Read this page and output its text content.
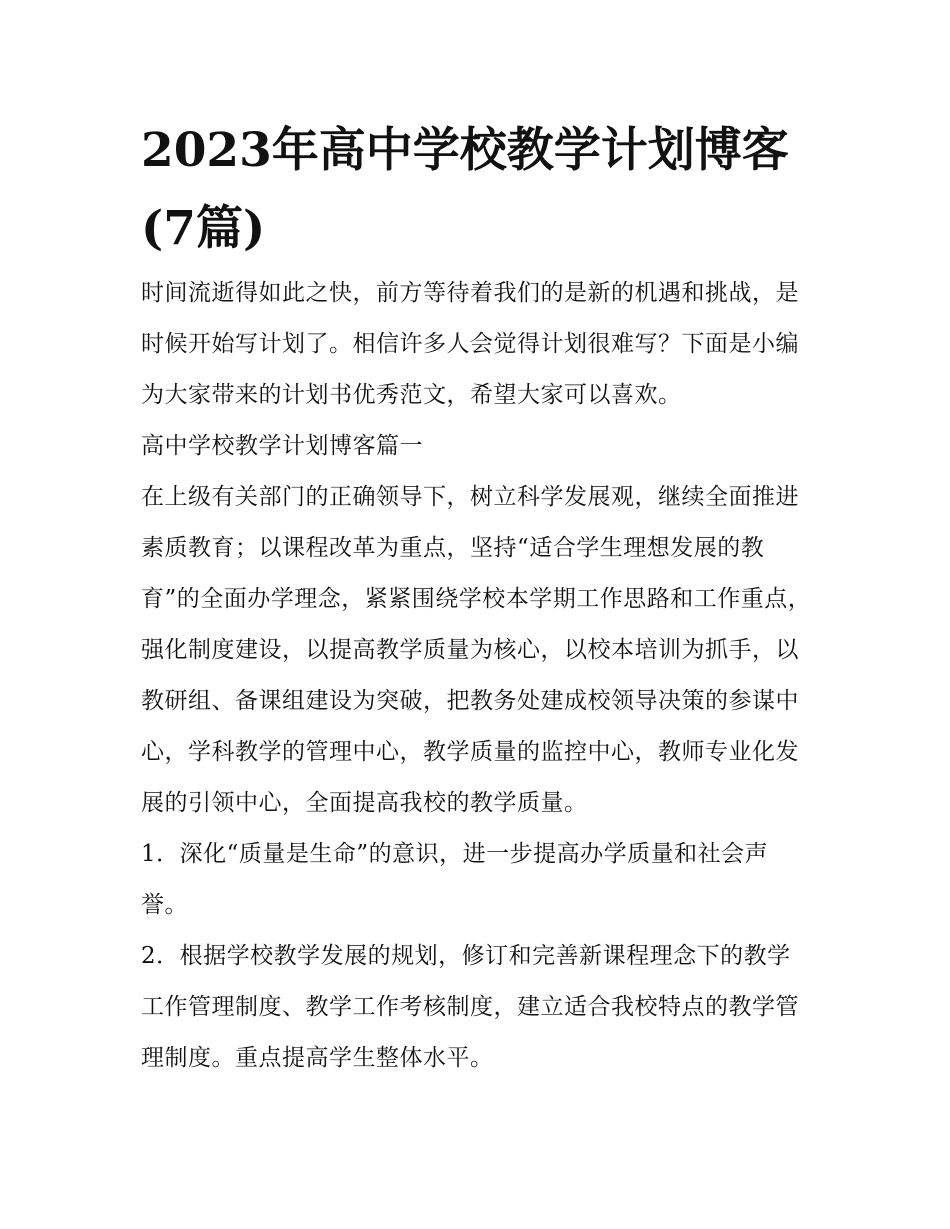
2023年高中学校教学计划博客(7篇)

时间流逝得如此之快，前方等待着我们的是新的机遇和挑战，是时候开始写计划了。相信许多人会觉得计划很难写？下面是小编为大家带来的计划书优秀范文，希望大家可以喜欢。

高中学校教学计划博客篇一

在上级有关部门的正确领导下，树立科学发展观，继续全面推进素质教育；以课程改革为重点，坚持“适合学生理想发展的教育”的全面办学理念，紧紧围绕学校本学期工作思路和工作重点，强化制度建设，以提高教学质量为核心，以校本培训为抓手，以教研组、备课组建设为突破，把教务处建成校领导决策的参谋中心，学科教学的管理中心，教学质量的监控中心，教师专业化发展的引领中心，全面提高我校的教学质量。

1．深化“质量是生命”的意识，进一步提高办学质量和社会声誉。

2．根据学校教学发展的规划，修订和完善新课程理念下的教学工作管理制度、教学工作考核制度，建立适合我校特点的教学管理制度。重点提高学生整体水平。
